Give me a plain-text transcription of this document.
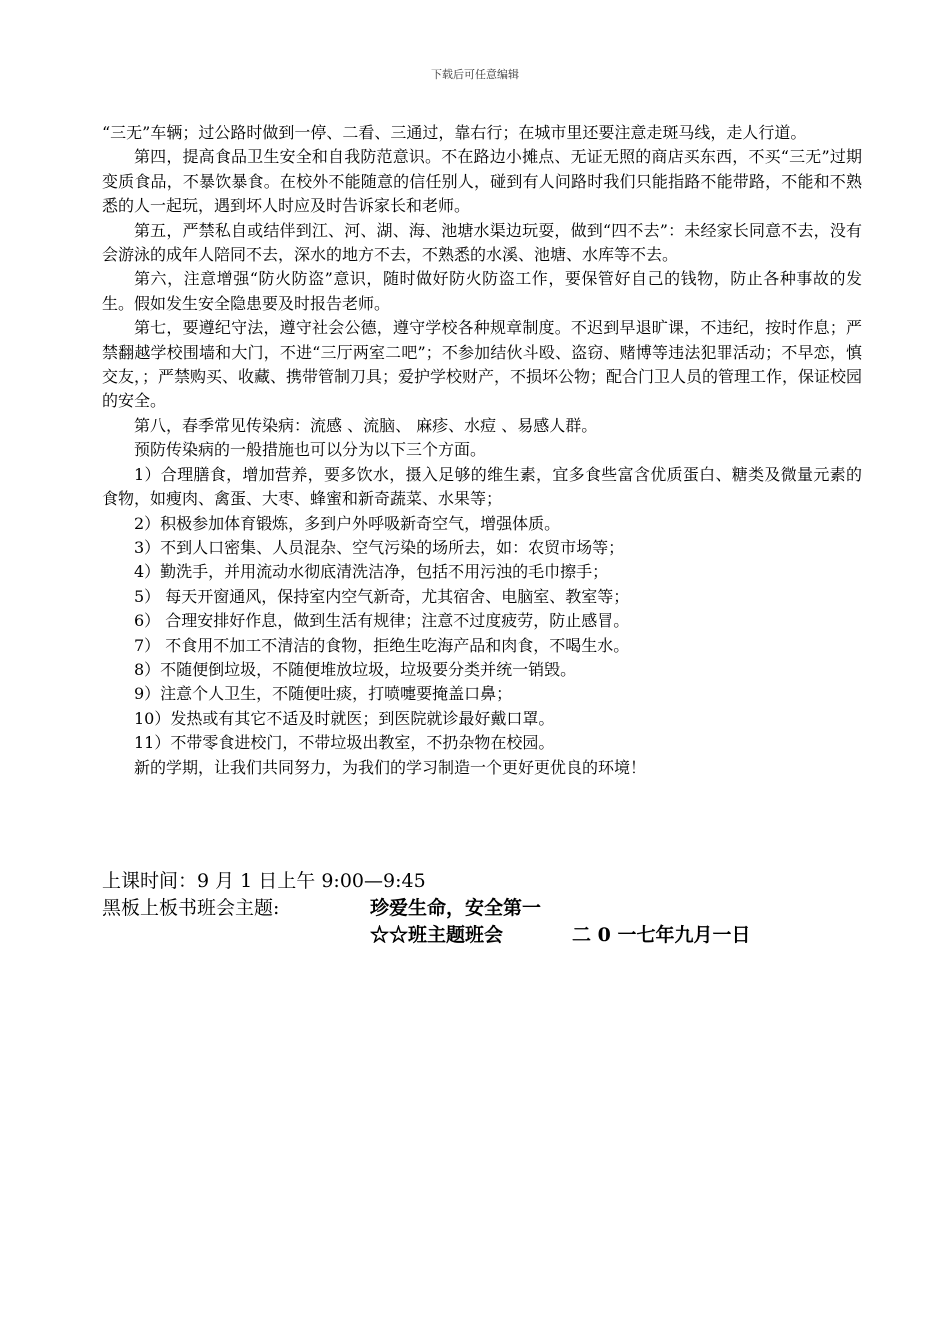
下载后可任意编辑

“三无”车辆；过公路时做到一停、二看、三通过，靠右行；在城市里还要注意走斑马线，走人行道。

第四，提高食品卫生安全和自我防范意识。不在路边小摊点、无证无照的商店买东西，不买“三无”过期变质食品，不暴饮暴食。在校外不能随意的信任别人，碰到有人问路时我们只能指路不能带路，不能和不熟悉的人一起玩，遇到坏人时应及时告诉家长和老师。

第五，严禁私自或结伴到江、河、湖、海、池塘水渠边玩耍，做到“四不去”：未经家长同意不去，没有会游泳的成年人陪同不去，深水的地方不去，不熟悉的水溪、池塘、水库等不去。

第六，注意增强“防火防盗”意识，随时做好防火防盗工作，要保管好自己的钱物，防止各种事故的发生。假如发生安全隐患要及时报告老师。

第七，要遵纪守法，遵守社会公德，遵守学校各种规章制度。不迟到早退旷课，不违纪，按时作息；严禁翻越学校围墙和大门，不进“三厅两室二吧”；不参加结伙斗殴、盗窃、赌博等违法犯罪活动；不早恋，慎交友，；严禁购买、收藏、携带管制刀具；爱护学校财产，不损坏公物；配合门卫人员的管理工作，保证校园的安全。

第八，春季常见传染病：流感 、流脑、 麻疹、水痘 、易感人群。

预防传染病的一般措施也可以分为以下三个方面。

1）合理膳食，增加营养，要多饮水，摄入足够的维生素，宜多食些富含优质蛋白、糖类及微量元素的食物，如瘦肉、禽蛋、大枣、蜂蜜和新奇蔬菜、水果等；

2）积极参加体育锻炼，多到户外呼吸新奇空气，增强体质。

3）不到人口密集、人员混杂、空气污染的场所去，如：农贸市场等；

4）勤洗手，并用流动水彻底清洗洁净，包括不用污浊的毛巾擦手；

5） 每天开窗通风，保持室内空气新奇，尤其宿舍、电脑室、教室等；

6） 合理安排好作息，做到生活有规律；注意不过度疲劳，防止感冒。

7） 不食用不加工不清洁的食物，拒绝生吃海产品和肉食，不喝生水。

8）不随便倒垃圾，不随便堆放垃圾，垃圾要分类并统一销毁。

9）注意个人卫生，不随便吐痰，打喷嚏要掩盖口鼻；

10）发热或有其它不适及时就医；到医院就诊最好戴口罩。

11）不带零食进校门，不带垃圾出教室，不扔杂物在校园。

新的学期，让我们共同努力，为我们的学习制造一个更好更优良的环境！

上课时间：9 月 1 日上午 9:00—9:45
黑板上板书班会主题:	珍爱生命，安全第一
☆☆班主题班会	二 0 一七年九月一日
